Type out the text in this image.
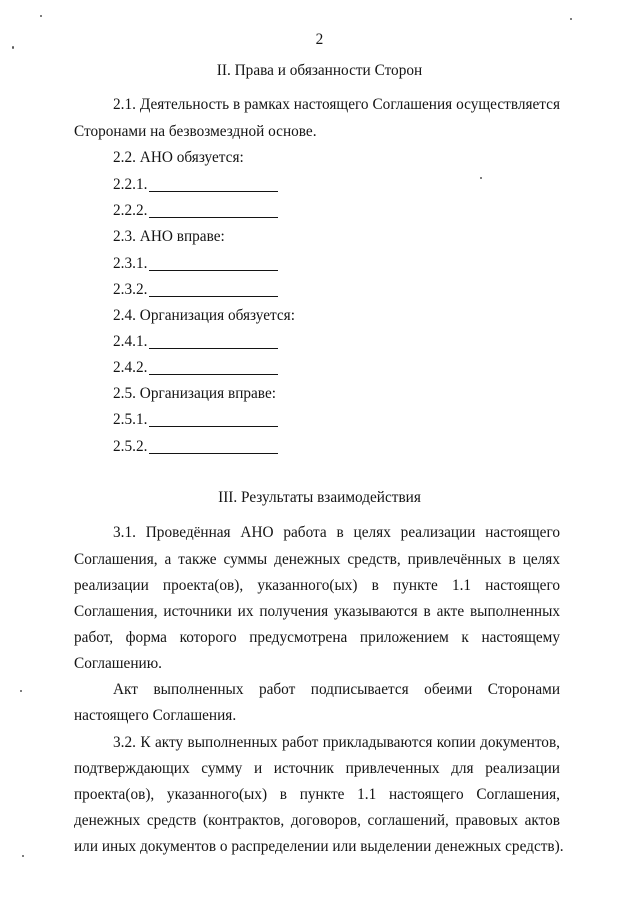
2
II. Права и обязанности Сторон
2.1. Деятельность в рамках настоящего Соглашения осуществляется
Сторонами на безвозмездной основе.
2.2. АНО обязуется:
2.2.1.
2.2.2.
2.3. АНО вправе:
2.3.1.
2.3.2.
2.4. Организация обязуется:
2.4.1.
2.4.2.
2.5. Организация вправе:
2.5.1.
2.5.2.
III. Результаты взаимодействия
3.1. Проведённая АНО работа в целях реализации настоящего
Соглашения, а также суммы денежных средств, привлечённых в целях
реализации проекта(ов), указанного(ых) в пункте 1.1 настоящего
Соглашения, источники их получения указываются в акте выполненных
работ, форма которого предусмотрена приложением к настоящему
Соглашению.
Акт выполненных работ подписывается обеими Сторонами
настоящего Соглашения.
3.2. К акту выполненных работ прикладываются копии документов,
подтверждающих сумму и источник привлеченных для реализации
проекта(ов), указанного(ых) в пункте 1.1 настоящего Соглашения,
денежных средств (контрактов, договоров, соглашений, правовых актов
или иных документов о распределении или выделении денежных средств).
